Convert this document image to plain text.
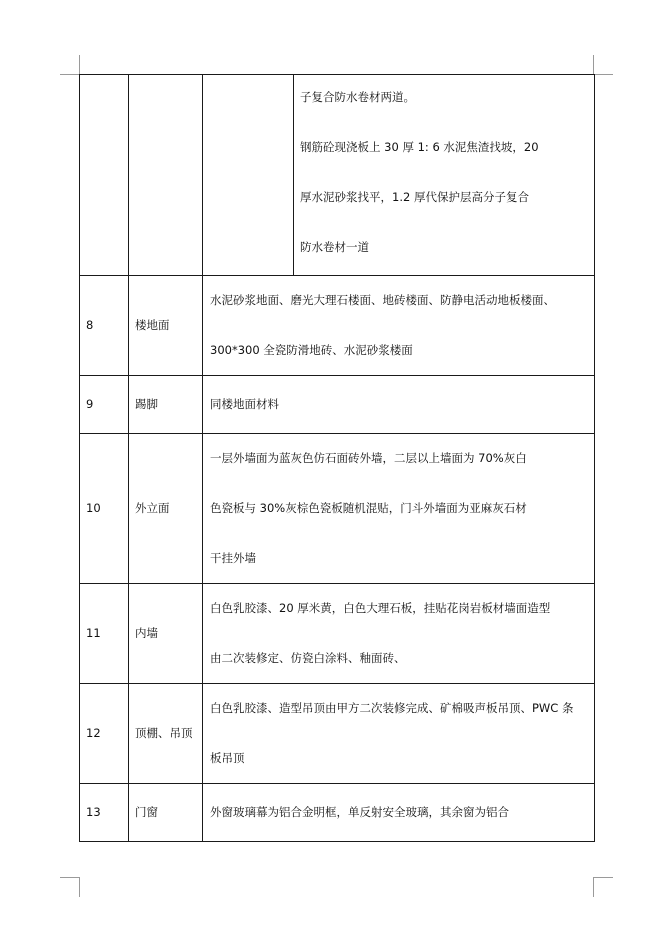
			子复合防水卷材两道。
钢筋砼现浇板上 30 厚 1: 6 水泥焦渣找坡，20
厚水泥砂浆找平，1.2 厚代保护层高分子复合
防水卷材一道

8	楼地面	水泥砂浆地面、磨光大理石楼面、地砖楼面、防静电活动地板楼面、
300*300 全瓷防滑地砖、水泥砂浆楼面	

9	踢脚	同楼地面材料	

10	外立面	一层外墙面为蓝灰色仿石面砖外墙，二层以上墙面为 70%灰白
色瓷板与 30%灰棕色瓷板随机混贴，门斗外墙面为亚麻灰石材
干挂外墙	

11	内墙	白色乳胶漆、20 厚米黄，白色大理石板，挂贴花岗岩板材墙面造型
由二次装修定、仿瓷白涂料、釉面砖、	

12	顶棚、吊顶	白色乳胶漆、造型吊顶由甲方二次装修完成、矿棉吸声板吊顶、PWC 条
板吊顶	

13	门窗	外窗玻璃幕为铝合金明框，单反射安全玻璃，其余窗为铝合	
